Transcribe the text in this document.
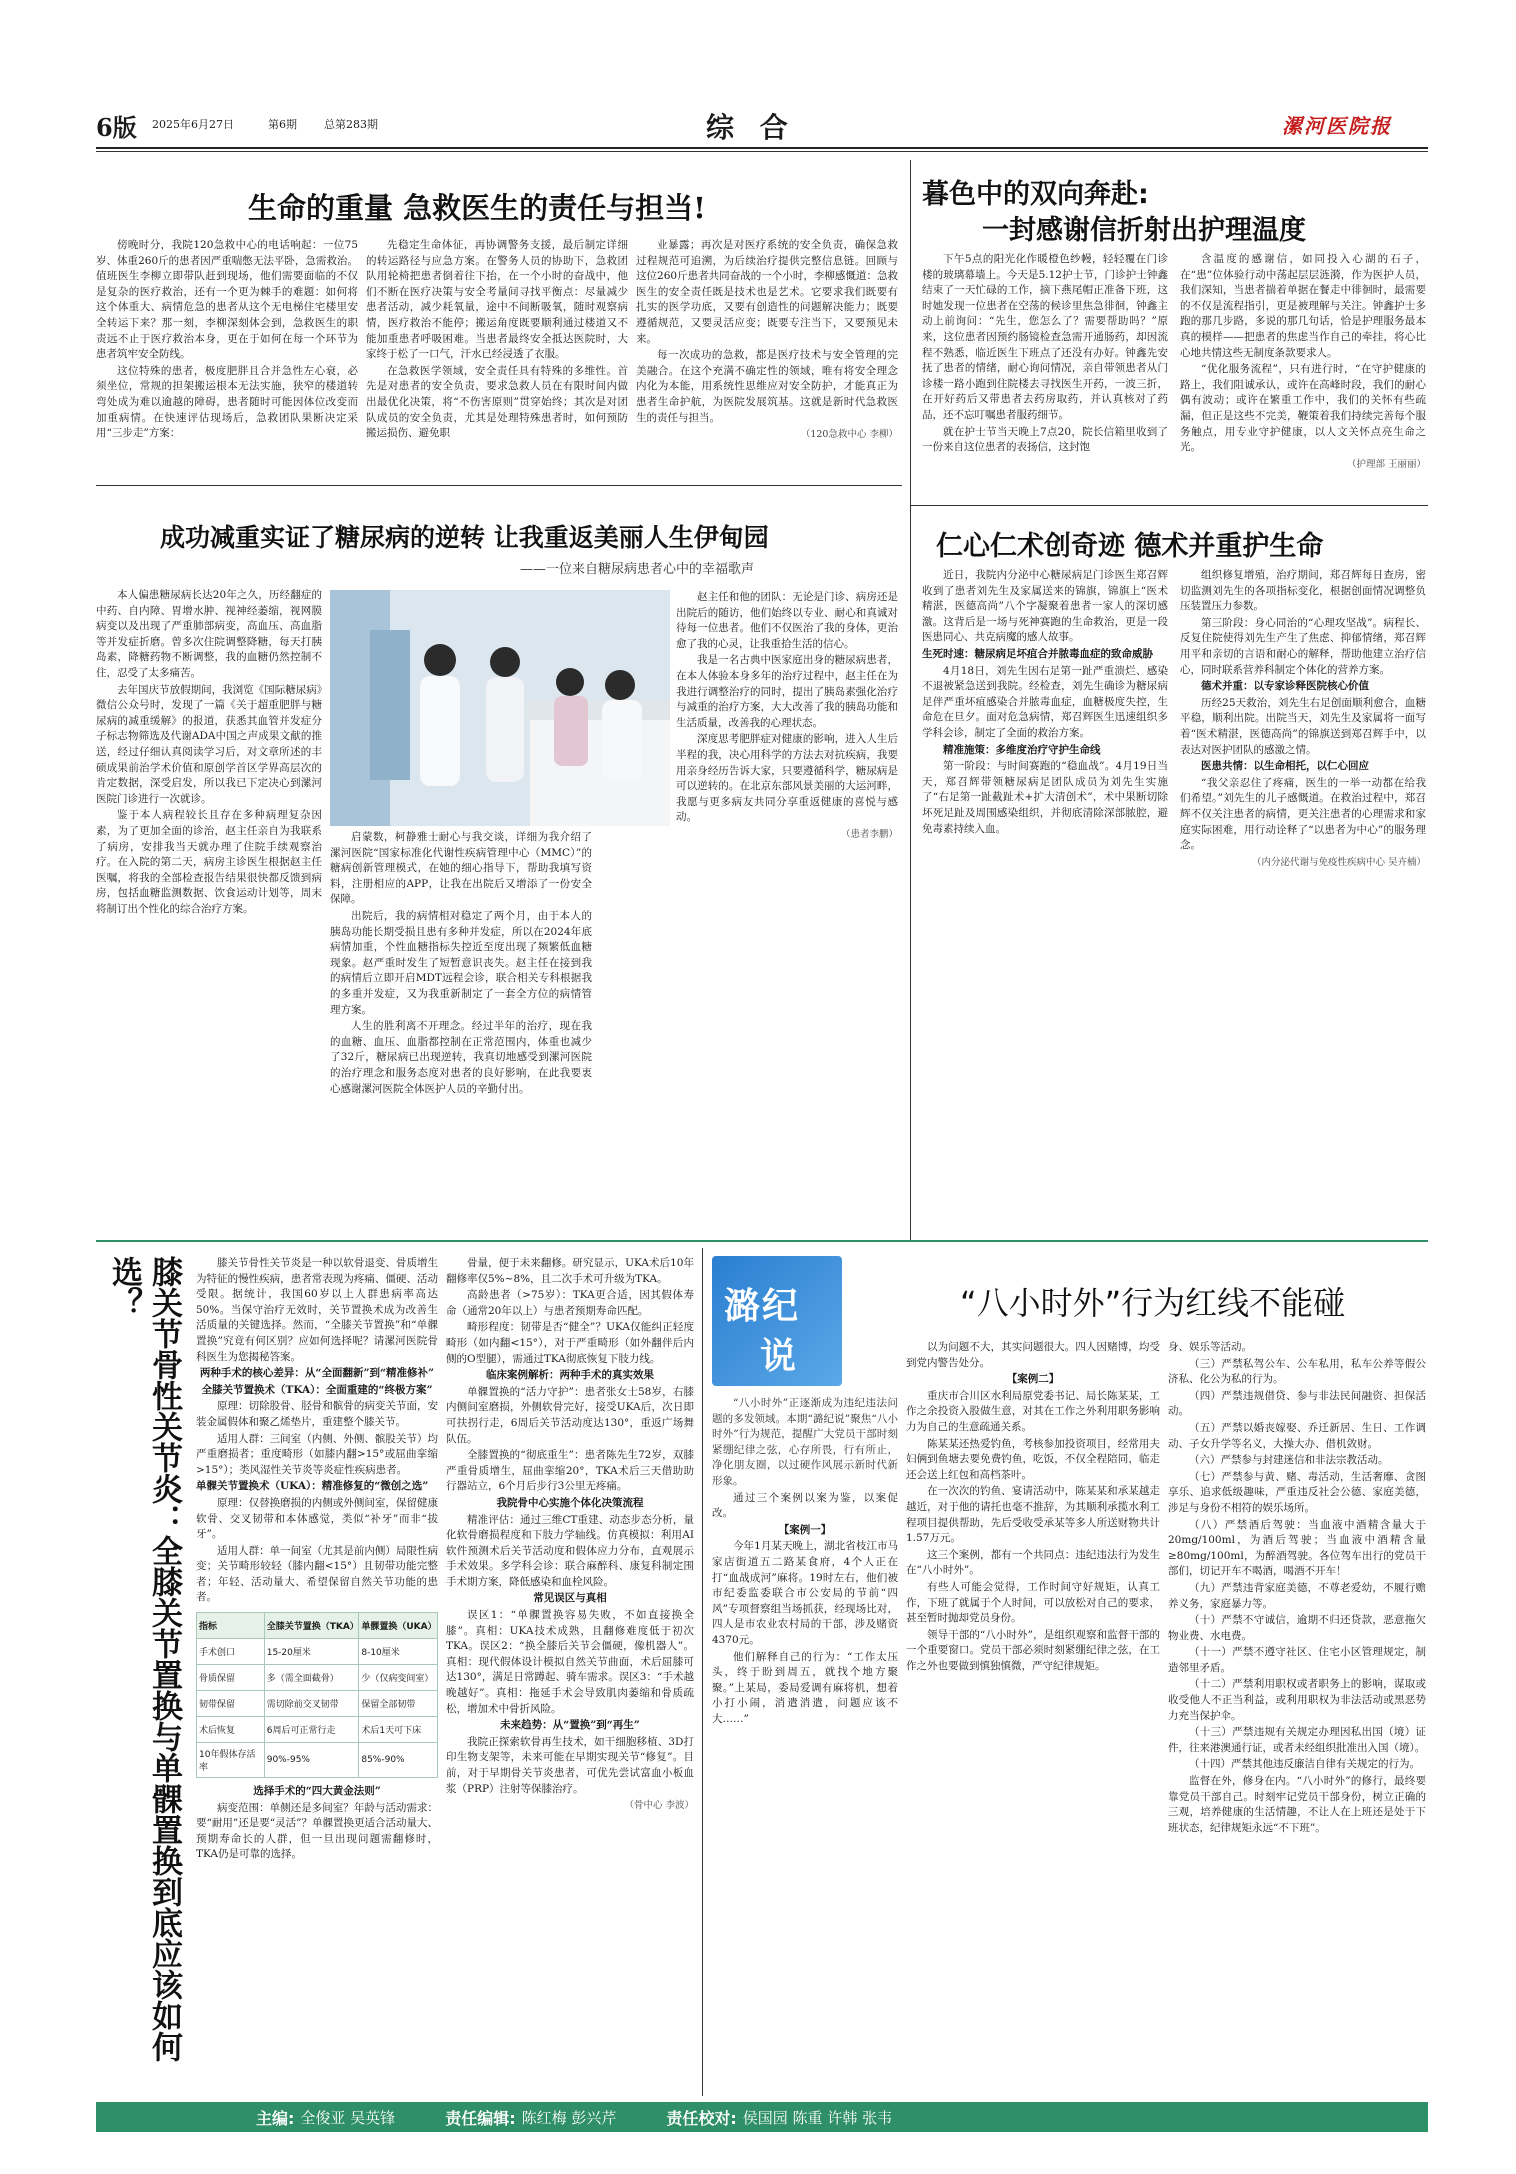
6版 2025年6月27日	第6期 总第283期	综 合	漯河医院报
生命的重量 急救医生的责任与担当!

傍晚时分，我院120急救中心的电话响起：一位75岁、体重260斤的患者因严重喘憋无法平卧，急需救治。值班医生李柳立即带队赶到现场，他们需要面临的不仅是复杂的医疗救治，还有一个更为棘手的难题：如何将这个体重大、病情危急的患者从这个无电梯住宅楼里安全转运下来？那一刻，李柳深刻体会到，急救医生的职责远不止于医疗救治本身，更在于如何在每一个环节为患者筑牢安全防线。

这位特殊的患者，极度肥胖且合并急性左心衰，必须坐位，常规的担架搬运根本无法实施，狭窄的楼道转弯处成为难以逾越的障碍，患者随时可能因体位改变而加重病情。在快速评估现场后，急救团队果断决定采用“三步走”方案：

先稳定生命体征，再协调警务支援，最后制定详细的转运路径与应急方案。在警务人员的协助下，急救团队用轮椅把患者倒着往下抬，在一个小时的奋战中，他们不断在医疗决策与安全考量间寻找平衡点：尽量减少患者活动，减少耗氧量，途中不间断吸氧，随时观察病情，医疗救治不能停；搬运角度既要顺利通过楼道又不能加重患者呼吸困难。当患者最终安全抵达医院时，大家终于松了一口气，汗水已经浸透了衣服。

在急救医学领域，安全责任具有特殊的多维性。首先是对患者的安全负责，要求急救人员在有限时间内做出最优化决策，将“不伤害原则”贯穿始终；其次是对团队成员的安全负责，尤其是处理特殊患者时，如何预防搬运损伤、避免职

业暴露；再次是对医疗系统的安全负责，确保急救过程规范可追溯，为后续治疗提供完整信息链。回顾与这位260斤患者共同奋战的一个小时，李柳感慨道：急救医生的安全责任既是技术也是艺术。它要求我们既要有扎实的医学功底，又要有创造性的问题解决能力；既要遵循规范，又要灵活应变；既要专注当下，又要预见未来。

每一次成功的急救，都是医疗技术与安全管理的完美融合。在这个充满不确定性的领域，唯有将安全理念内化为本能，用系统性思维应对安全防护，才能真正为患者生命护航，为医院发展筑基。这就是新时代急救医生的责任与担当。

（120急救中心 李柳）

暮色中的双向奔赴:
一封感谢信折射出护理温度

下午5点的阳光化作暖橙色纱幔，轻轻覆在门诊楼的玻璃幕墙上。今天是5.12护士节，门诊护士钟鑫结束了一天忙碌的工作，摘下燕尾帽正准备下班，这时她发现一位患者在空荡的候诊里焦急徘徊，钟鑫主动上前询问：“先生，您怎么了？需要帮助吗？”原来，这位患者因预约肠镜检查急需开通肠药，却因流程不熟悉，临近医生下班点了还没有办好。钟鑫先安抚了患者的情绪，耐心询问情况，亲自带领患者从门诊楼一路小跑到住院楼去寻找医生开药，一波三折，在开好药后又带患者去药房取药，并认真核对了药品，还不忘叮嘱患者服药细节。

就在护士节当天晚上7点20，院长信箱里收到了一份来自这位患者的表扬信，这封饱

含温度的感谢信，如同投入心湖的石子，在“患”位体验行动中荡起层层涟漪，作为医护人员，我们深知，当患者揣着单据在餐走中徘徊时，最需要的不仅是流程指引，更是被理解与关注。钟鑫护士多跑的那几步路，多说的那几句话，恰是护理服务最本真的模样——把患者的焦虑当作自己的牵挂，将心比心地共情这些无制度条款要求人。

“优化服务流程”，只有进行时，“在守护健康的路上，我们阻诚承认，或许在高峰时段，我们的耐心偶有波动；或许在繁重工作中，我们的关怀有些疏漏，但正是这些不完美，鞭策着我们持续完善每个服务触点，用专业守护健康，以人文关怀点亮生命之光。

（护理部 王丽丽）

成功减重实证了糖尿病的逆转 让我重返美丽人生伊甸园
——一位来自糖尿病患者心中的幸福歌声

本人偏患糖尿病长达20年之久，历经翻症的中药、自内障、胃增水肿、视神经萎缩，视网膜病变以及出现了严重肺部病变，高血压、高血脂等并发症折磨。曾多次住院调整降糖，每天打胰岛素，降糖药物不断调整，我的血糖仍然控制不住，忍受了太多痛苦。

去年国庆节放假期间，我浏览《国际糖尿病》微信公众号时，发现了一篇《关于超重肥胖与糖尿病的减重缓解》的报道，获悉其血管并发症分子标志物筛选及代谢ADA中国之声成果文献的推送，经过仔细认真阅读学习后，对文章所述的丰硕成果前治学术价值和原创学首区学界高层次的肯定数据，深受启发，所以我已下定决心到漯河医院门诊进行一次就诊。

鉴于本人病程较长且存在多种病理复杂因素，为了更加全面的诊治，赵主任亲自为我联系了病房，安排我当天就办理了住院手续观察治疗。在入院的第二天，病房主诊医生根据赵主任医嘱，将我的全部检查报告结果很快都反馈到病房，包括血糖监测数据、饮食运动计划等，周末将制订出个性化的综合治疗方案。

启蒙数，柯静雅士耐心与我交谈，详细为我介绍了漯河医院“国家标准化代谢性疾病管理中心（MMC）”的糖病创新管理模式，在她的细心指导下，帮助我填写资料，注册相应的APP，让我在出院后又增添了一份安全保障。

出院后，我的病情相对稳定了两个月，由于本人的胰岛功能长期受损且患有多种并发症，所以在2024年底病情加重，个性血糖指标失控近至度出现了频繁低血糖现象。赵严重时发生了短暂意识丧失。赵主任在接到我的病情后立即开启MDT远程会诊，联合相关专科根据我的多重并发症，又为我重新制定了一套全方位的病情管理方案。

人生的胜利离不开理念。经过半年的治疗，现在我的血糖、血压、血脂都控制在正常范围内，体重也减少了32斤，糖尿病已出现逆转，我真切地感受到漯河医院的治疗理念和服务态度对患者的良好影响，在此我要衷心感谢漯河医院全体医护人员的辛勤付出。

赵主任和他的团队：无论是门诊、病房还是出院后的随访，他们始终以专业、耐心和真诚对待每一位患者。他们不仅医治了我的身体，更治愈了我的心灵，让我重拾生活的信心。

我是一名古典中医家庭出身的糖尿病患者，在本人体验本身多年的治疗过程中，赵主任在为我进行调整治疗的同时，提出了胰岛素强化治疗与减重的治疗方案，大大改善了我的胰岛功能和生活质量，改善我的心理状态。

深度思考肥胖症对健康的影响，进入人生后半程的我，决心用科学的方法去对抗疾病，我要用亲身经历告诉大家，只要遵循科学，糖尿病是可以逆转的。在北京东部风景美丽的大运河畔，我愿与更多病友共同分享重返健康的喜悦与感动。

（患者李鹏）

仁心仁术创奇迹 德术并重护生命

近日，我院内分泌中心糖尿病足门诊医生郑召辉收到了患者刘先生及家属送来的锦旗，锦旗上“医术精湛，医德高尚”八个字凝聚着患者一家人的深切感激。这背后是一场与死神赛跑的生命救治，更是一段医患同心、共克病魔的感人故事。

生死时速：糖尿病足坏疽合并脓毒血症的致命威胁

4月18日，刘先生因右足第一趾严重溃烂、感染不退被紧急送到我院。经检查，刘先生确诊为糖尿病足伴严重坏疽感染合并脓毒血症，血糖极度失控，生命危在旦夕。面对危急病情，郑召辉医生迅速组织多学科会诊，制定了全面的救治方案。

精准施策：多维度治疗守护生命线

第一阶段：与时间赛跑的“稳血战”。4月19日当天，郑召辉带领糖尿病足团队成员为刘先生实施了“右足第一趾截趾术+扩大清创术”，术中果断切除坏死足趾及周围感染组织，并彻底清除深部脓腔，避免毒素持续入血。

组织修复增殖，治疗期间，郑召辉每日查房，密切监测刘先生的各项指标变化，根据创面情况调整负压装置压力参数。

第三阶段：身心同治的“心理攻坚战”。病程长、反复住院使得刘先生产生了焦虑、抑郁情绪，郑召辉用平和亲切的言语和耐心的解释，帮助他建立治疗信心，同时联系营养科制定个体化的营养方案。

德术并重：以专家诊释医院核心价值

历经25天救治，刘先生右足创面顺利愈合，血糖平稳，顺利出院。出院当天，刘先生及家属将一面写着“医术精湛，医德高尚”的锦旗送到郑召辉手中，以表达对医护团队的感激之情。

医患共情：以生命相托，以仁心回应

“我父亲忍住了疼痛，医生的一举一动都在给我们希望。”刘先生的儿子感慨道。在救治过程中，郑召辉不仅关注患者的病情，更关注患者的心理需求和家庭实际困难，用行动诠释了“以患者为中心”的服务理念。

（内分泌代谢与免疫性疾病中心 吴卉楠）

膝关节骨性关节炎：全膝关节置换与单髁置换到底应该如何选？	膝关节骨性关节炎是一种以软骨退变、骨质增生为特征的慢性疾病，患者常表现为疼痛、僵硬、活动受限。据统计，我国60岁以上人群患病率高达50%。当保守治疗无效时，关节置换术成为改善生活质量的关键选择。然而，“全膝关节置换”和“单髁置换”究竟有何区别？应如何选择呢？请漯河医院骨科医生为您揭秘答案。

两种手术的核心差异：从“全面翻新”到“精准修补”

全膝关节置换术（TKA）：全面重建的“终极方案”

原理：切除股骨、胫骨和髌骨的病变关节面，安装金属假体和聚乙烯垫片，重建整个膝关节。

适用人群：三间室（内侧、外侧、髌股关节）均严重磨损者；重度畸形（如膝内翻>15°或屈曲挛缩>15°）；类风湿性关节炎等炎症性疾病患者。

单髁关节置换术（UKA）：精准修复的“微创之选”

原理：仅替换磨损的内侧或外侧间室，保留健康软骨、交叉韧带和本体感觉，类似“补牙”而非“拔牙”。

适用人群：单一间室（尤其是前内侧）局限性病变；关节畸形较轻（膝内翻<15°）且韧带功能完整者；年轻、活动量大、希望保留自然关节功能的患者。

指标	全膝关节置换（TKA）	单髁置换（UKA）
手术创口	15-20厘米	8-10厘米
骨质保留	多（需全面截骨）	少（仅病变间室）
韧带保留	需切除前交叉韧带	保留全部韧带
术后恢复	6周后可正常行走	术后1天可下床
10年假体存活率	90%-95%	85%-90%

选择手术的“四大黄金法则”

病变范围：单侧还是多间室？年龄与活动需求：要“耐用”还是要“灵活”？单髁置换更适合活动量大、预期寿命长的人群，但一旦出现问题需翻修时，TKA仍是可靠的选择。

骨量，便于未来翻修。研究显示，UKA术后10年翻修率仅5%~8%，且二次手术可升级为TKA。

高龄患者（>75岁）：TKA更合适，因其假体寿命（通常20年以上）与患者预期寿命匹配。

畸形程度：韧带是否“健全”？UKA仅能纠正轻度畸形（如内翻<15°），对于严重畸形（如外翻伴后内侧的O型腿），需通过TKA彻底恢复下肢力线。

临床案例解析：两种手术的真实效果

单髁置换的“活力守护”：患者张女士58岁，右膝内侧间室磨损，外侧软骨完好，接受UKA后，次日即可扶拐行走，6周后关节活动度达130°，重返广场舞队伍。

全膝置换的“彻底重生”：患者陈先生72岁，双膝严重骨质增生，屈曲挛缩20°，TKA术后三天借助助行器站立，6个月后步行3公里无疼痛。

我院骨中心实施个体化决策流程

精准评估：通过三维CT重建、动态步态分析，量化软骨磨损程度和下肢力学轴线。仿真模拟：利用AI软件预测术后关节活动度和假体应力分布，直观展示手术效果。多学科会诊：联合麻醉科、康复科制定围手术期方案，降低感染和血栓风险。

常见误区与真相

误区1：“单髁置换容易失败，不如直接换全膝”。真相：UKA技术成熟，且翻修难度低于初次TKA。误区2：“换全膝后关节会僵硬，像机器人”。真相：现代假体设计模拟自然关节曲面，术后屈膝可达130°，满足日常蹲起、骑车需求。误区3：“手术越晚越好”。真相：拖延手术会导致肌肉萎缩和骨质疏松，增加术中骨折风险。

未来趋势：从“置换”到“再生”

我院正探索软骨再生技术，如干细胞移植、3D打印生物支架等，未来可能在早期实现关节“修复”。目前，对于早期骨关节炎患者，可优先尝试富血小板血浆（PRP）注射等保膝治疗。

（骨中心 李波）

潞纪
说
“八小时外”行为红线不能碰

“八小时外”正逐渐成为违纪违法问题的多发领域。本期“潞纪说”聚焦“八小时外”行为规范，提醒广大党员干部时刻紧绷纪律之弦，心存所畏，行有所止，净化朋友圈，以过硬作风展示新时代新形象。

通过三个案例以案为鉴，以案促改。

【案例一】

今年1月某天晚上，湖北省枝江市马家店街道五二路某食府，4个人正在打“血战成河”麻将。19时左右，他们被市纪委监委联合市公安局的节前“四风”专项督察组当场抓获，经现场比对，四人是市农业农村局的干部，涉及赌资4370元。

他们解释自己的行为：“工作太压头，终于盼到周五，就找个地方聚聚。”上某局，委局爱调有麻将机，想着小打小闹，消遣消遣，问题应该不大……”

以为问题不大，其实问题很大。四人因赌博，均受到党内警告处分。

【案例二】

重庆市合川区水利局原党委书记、局长陈某某，工作之余投资入股做生意，对其在工作之外利用职务影响力为自己的生意疏通关系。

陈某某还热爱钓鱼，考核参加投资项目，经常用夫妇俩到鱼塘去要免费钓鱼，吃饭，不仅全程陪同，临走还会送上红包和高档茶叶。

在一次次的钓鱼、宴请活动中，陈某某和承某越走越近，对于他的请托也毫不推辞，为其顺利承揽水利工程项目提供帮助，先后受收受承某等多人所送财物共计1.57万元。

这三个案例，都有一个共同点：违纪违法行为发生在“八小时外”。

有些人可能会觉得，工作时间守好规矩，认真工作，下班了就属于个人时间，可以放松对自己的要求，甚至暂时抛却党员身份。

领导干部的“八小时外”，是组织观察和监督干部的一个重要窗口。党员干部必须时刻紧绷纪律之弦，在工作之外也要做到慎独慎微，严守纪律规矩。

身、娱乐等活动。

（三）严禁私驾公车、公车私用，私车公养等假公济私、化公为私的行为。

（四）严禁违规借贷、参与非法民间融资、担保活动。

（五）严禁以婚丧嫁娶、乔迁新居、生日、工作调动、子女升学等名义，大操大办、借机敛财。

（六）严禁参与封建迷信和非法宗教活动。

（七）严禁参与黄、赌、毒活动，生活奢靡、贪图享乐、追求低级趣味，严重违反社会公德、家庭美德，涉足与身份不相符的娱乐场所。

（八）严禁酒后驾驶：当血液中酒精含量大于20mg/100ml，为酒后驾驶；当血液中酒精含量≥80mg/100ml，为醉酒驾驶。各位驾车出行的党员干部们，切记开车不喝酒，喝酒不开车！

（九）严禁违背家庭美德，不尊老爱幼，不履行赡养义务，家庭暴力等。

（十）严禁不守诚信，逾期不归还贷款，恶意拖欠物业费、水电费。

（十一）严禁不遵守社区、住宅小区管理规定，制造邻里矛盾。

（十二）严禁利用职权或者职务上的影响，谋取或收受他人不正当利益，或利用职权为非法活动或黑恶势力充当保护伞。

（十三）严禁违规有关规定办理因私出国（境）证件，往来港澳通行证，或者未经组织批准出入国（境）。

（十四）严禁其他违反廉洁自律有关规定的行为。

监督在外，修身在内。“八小时外”的修行，最终要靠党员干部自己。时刻牢记党员干部身份，树立正确的三观，培养健康的生活情趣，不让人在上班还是处于下班状态，纪律规矩永远“不下班”。

主编: 全俊亚 吴英锋	责任编辑: 陈红梅 彭兴芹	责任校对: 侯国园 陈重 许韩 张韦
